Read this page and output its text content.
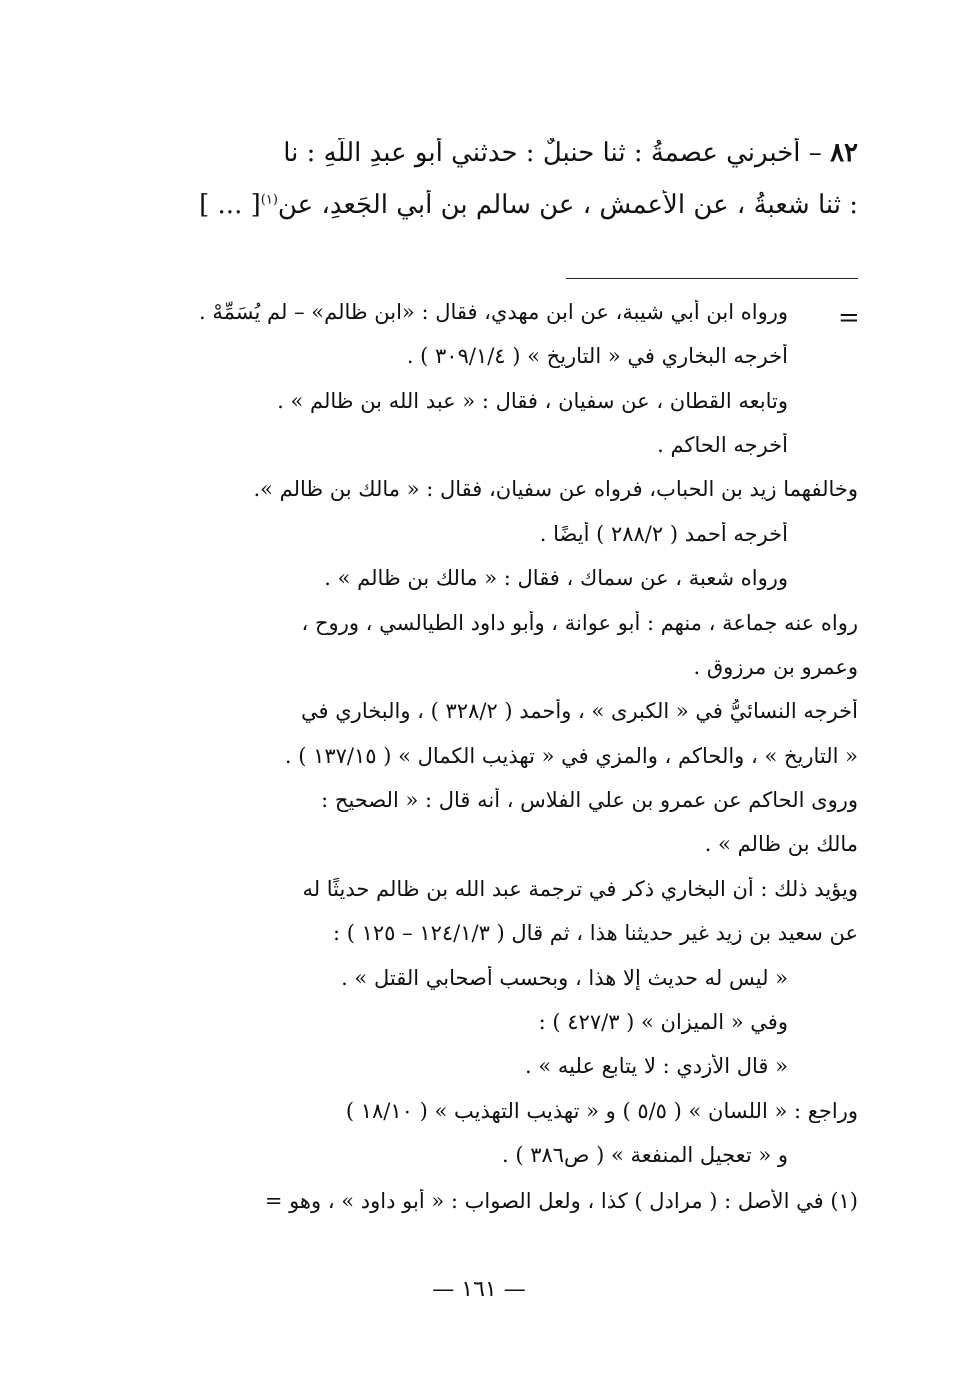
٨٢ – أخبرني عصمةُ : ثنا حنبلٌ : حدثني أبو عبدِ اللَّهِ : نا
: ثنا شعبةُ ، عن الأعمشِ ، عن سالمِ بنِ أبي الجَعدِ، عن$^{(١)}$[ ... ]
=
ورواه ابن أبي شيبة، عن ابن مهدي، فقال : «ابن ظالم» – لم يُسَمِّهْ .
أخرجه البخاري في « التاريخ » ( ٣٠٩/١/٤ ) .
وتابعه القطان ، عن سفيان ، فقال : « عبد الله بن ظالم » .
أخرجه الحاكم .
وخالفهما زيد بن الحباب، فرواه عن سفيان، فقال : « مالك بن ظالم ».
أخرجه أحمد ( ٢٨٨/٢ ) أيضًا .
ورواه شعبة ، عن سماك ، فقال : « مالك بن ظالم » .
رواه عنه جماعة ، منهم : أبو عوانة ، وأبو داود الطيالسي ، وروح ،
وعمرو بن مرزوق .
أخرجه النسائيُّ في « الكبرى » ، وأحمد ( ٣٢٨/٢ ) ، والبخاري في
« التاريخ » ، والحاكم ، والمزي في « تهذيب الكمال » ( ١٣٧/١٥ ) .
وروى الحاكم عن عمرو بن علي الفلاس ، أنه قال : « الصحيح :
مالك بن ظالم » .
ويؤيد ذلك : أن البخاري ذكر في ترجمة عبد الله بن ظالم حديثًا له
عن سعيد بن زيد غير حديثنا هذا ، ثم قال ( ١٢٤/١/٣ – ١٢٥ ) :
« ليس له حديث إلا هذا ، وبحسب أصحابي القتل » .
وفي « الميزان » ( ٤٢٧/٣ ) :
« قال الأزدي : لا يتابع عليه » .
وراجع : « اللسان » ( ٥/٥ ) و « تهذيب التهذيب » ( ١٨/١٠ )
و « تعجيل المنفعة » ( ص٣٨٦ ) .
(١) في الأصل : ( مرادل ) كذا ، ولعل الصواب : « أبو داود » ، وهو =
— ١٦١ —
